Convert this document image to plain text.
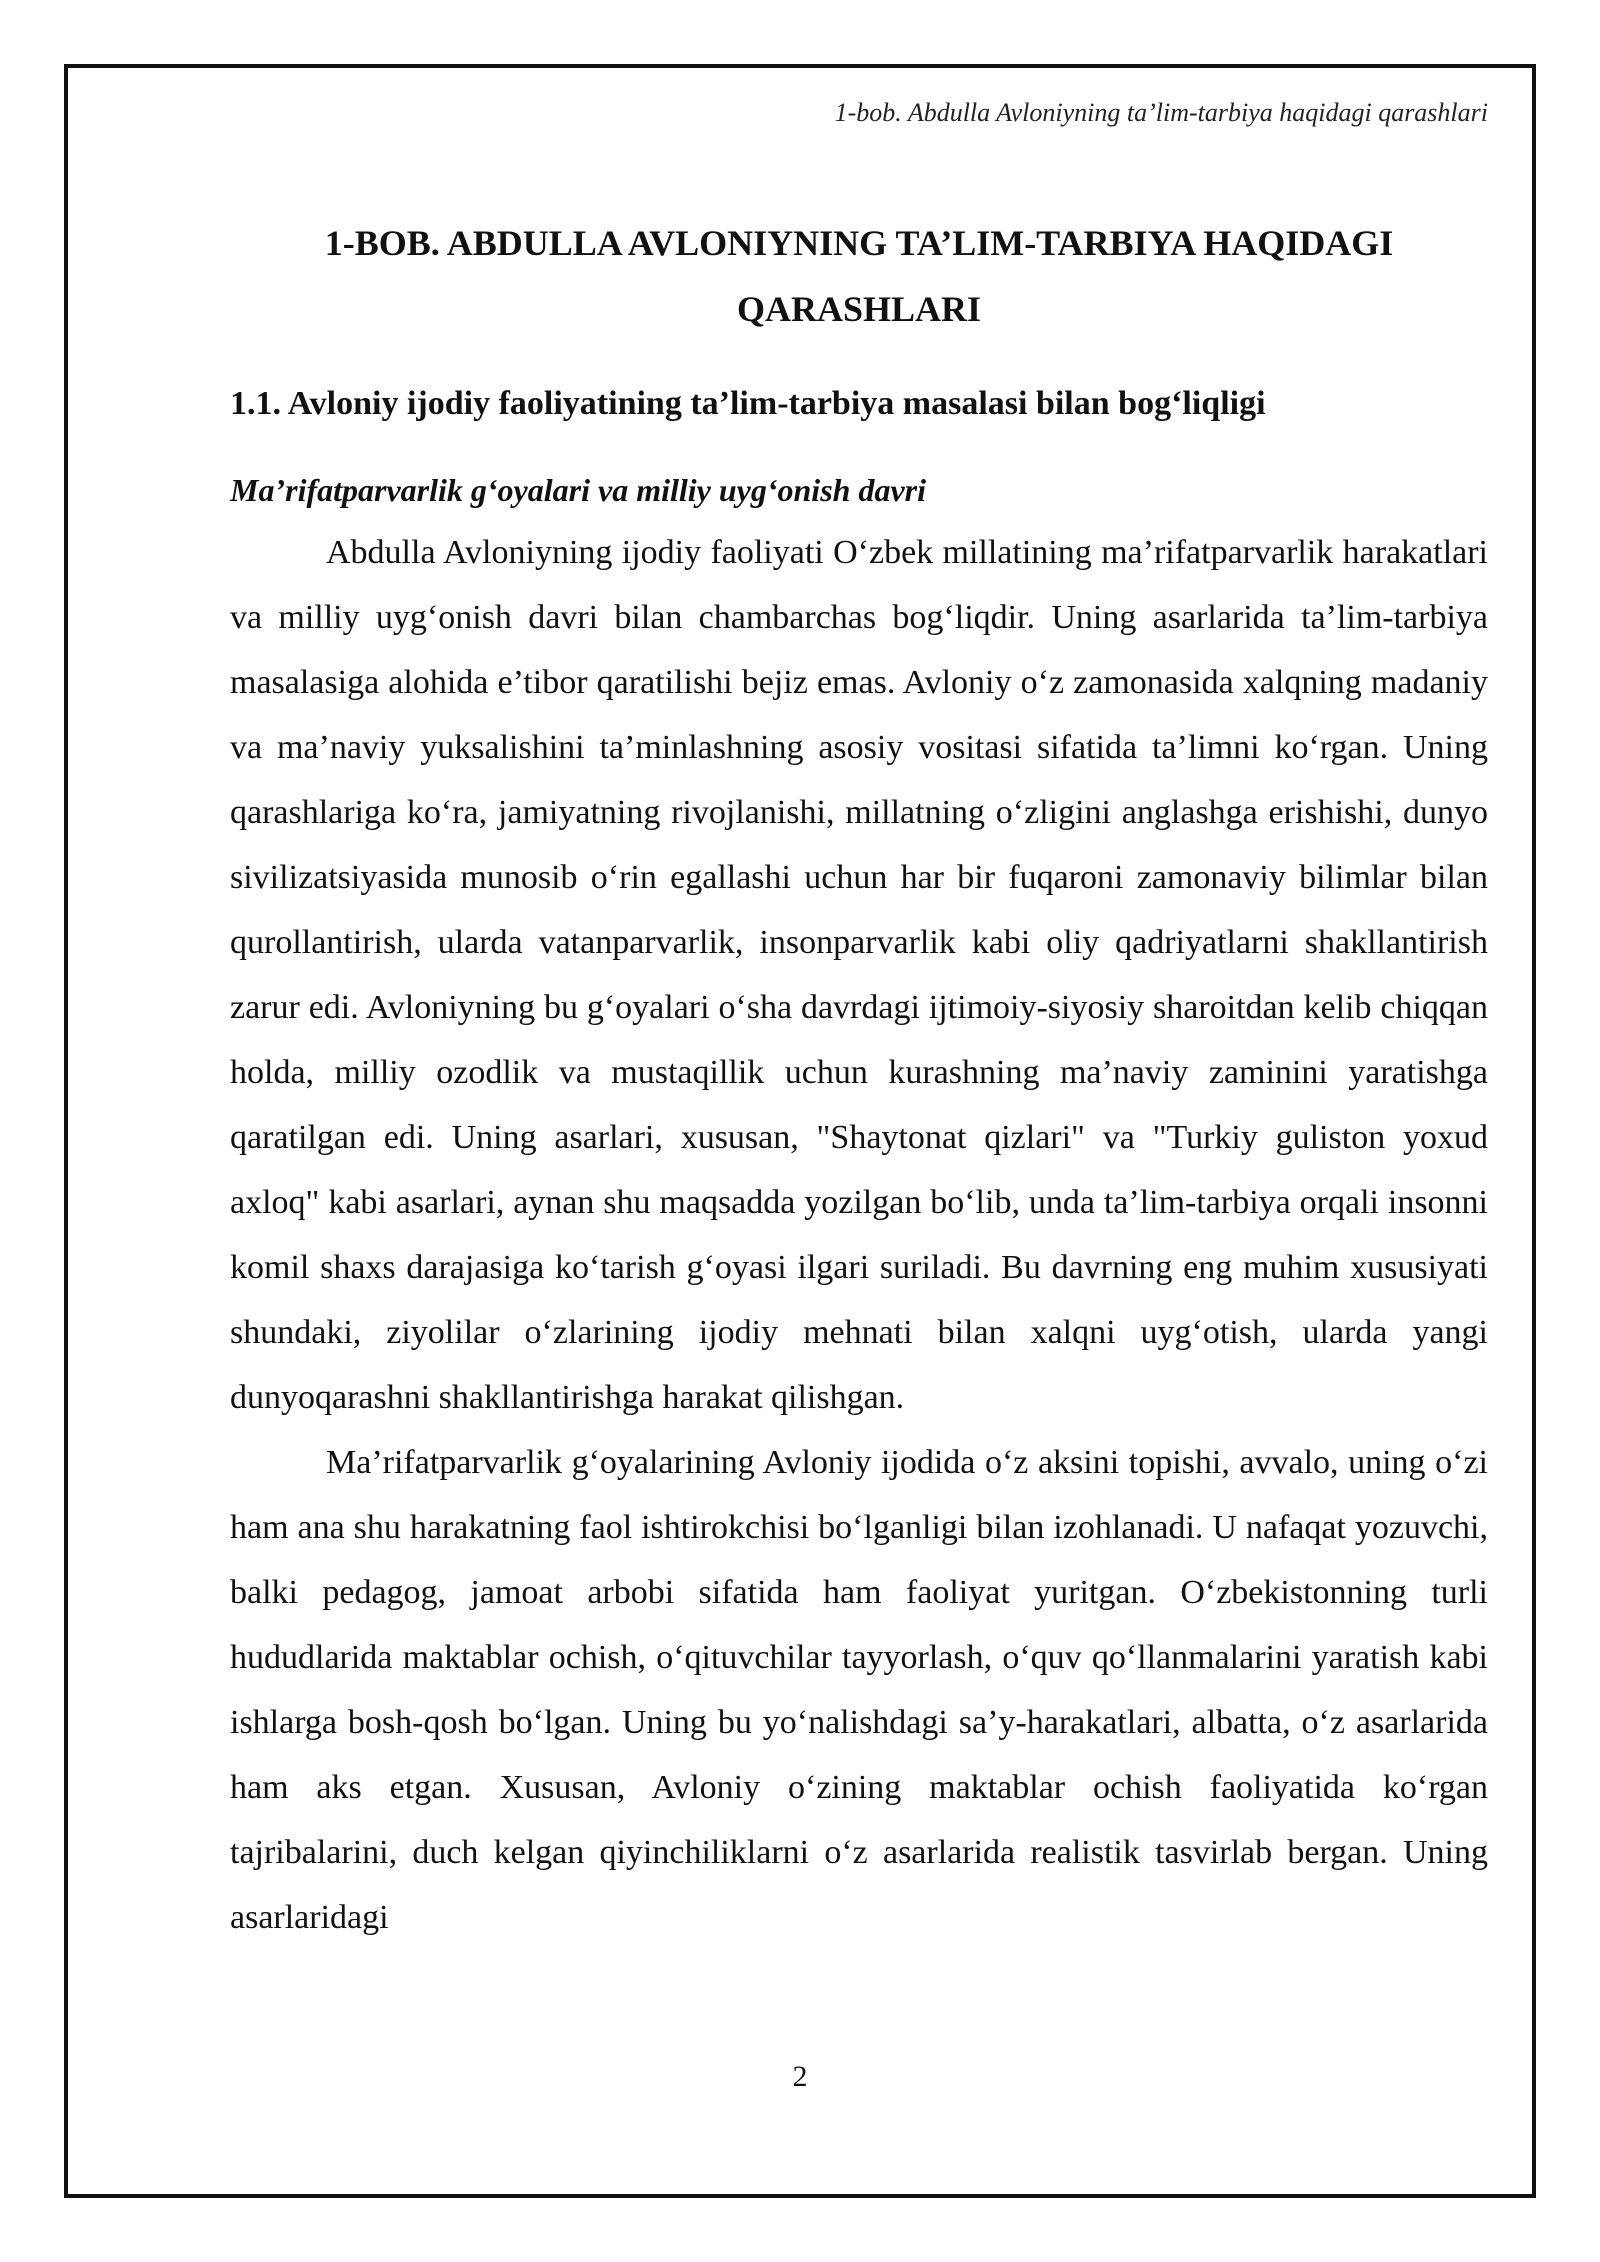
1-bob. Abdulla Avloniyning ta’lim-tarbiya haqidagi qarashlari
1-BOB. ABDULLA AVLONIYNING TA’LIM-TARBIYA HAQIDAGI
QARASHLARI
1.1. Avloniy ijodiy faoliyatining ta’lim-tarbiya masalasi bilan bog‘liqligi
Ma’rifatparvarlik g‘oyalari va milliy uyg‘onish davri

Abdulla Avloniyning ijodiy faoliyati O‘zbek millatining ma’rifatparvarlik harakatlari va milliy uyg‘onish davri bilan chambarchas bog‘liqdir. Uning asarlarida ta’lim-tarbiya masalasiga alohida e’tibor qaratilishi bejiz emas. Avloniy o‘z zamonasida xalqning madaniy va ma’naviy yuksalishini ta’minlashning asosiy vositasi sifatida ta’limni ko‘rgan. Uning qarashlariga ko‘ra, jamiyatning rivojlanishi, millatning o‘zligini anglashga erishishi, dunyo sivilizatsiyasida munosib o‘rin egallashi uchun har bir fuqaroni zamonaviy bilimlar bilan qurollantirish, ularda vatanparvarlik, insonparvarlik kabi oliy qadriyatlarni shakllantirish zarur edi. Avloniyning bu g‘oyalari o‘sha davrdagi ijtimoiy-siyosiy sharoitdan kelib chiqqan holda, milliy ozodlik va mustaqillik uchun kurashning ma’naviy zaminini yaratishga qaratilgan edi. Uning asarlari, xususan, "Shaytonat qizlari" va "Turkiy guliston yoxud axloq" kabi asarlari, aynan shu maqsadda yozilgan bo‘lib, unda ta’lim-tarbiya orqali insonni komil shaxs darajasiga ko‘tarish g‘oyasi ilgari suriladi. Bu davrning eng muhim xususiyati shundaki, ziyolilar o‘zlarining ijodiy mehnati bilan xalqni uyg‘otish, ularda yangi dunyoqarashni shakllantirishga harakat qilishgan.

Ma’rifatparvarlik g‘oyalarining Avloniy ijodida o‘z aksini topishi, avvalo, uning o‘zi ham ana shu harakatning faol ishtirokchisi bo‘lganligi bilan izohlanadi. U nafaqat yozuvchi, balki pedagog, jamoat arbobi sifatida ham faoliyat yuritgan. O‘zbekistonning turli hududlarida maktablar ochish, o‘qituvchilar tayyorlash, o‘quv qo‘llanmalarini yaratish kabi ishlarga bosh-qosh bo‘lgan. Uning bu yo‘nalishdagi sa’y-harakatlari, albatta, o‘z asarlarida ham aks etgan. Xususan, Avloniy o‘zining maktablar ochish faoliyatida ko‘rgan tajribalarini, duch kelgan qiyinchiliklarni o‘z asarlarida realistik tasvirlab bergan. Uning asarlaridagi

2
